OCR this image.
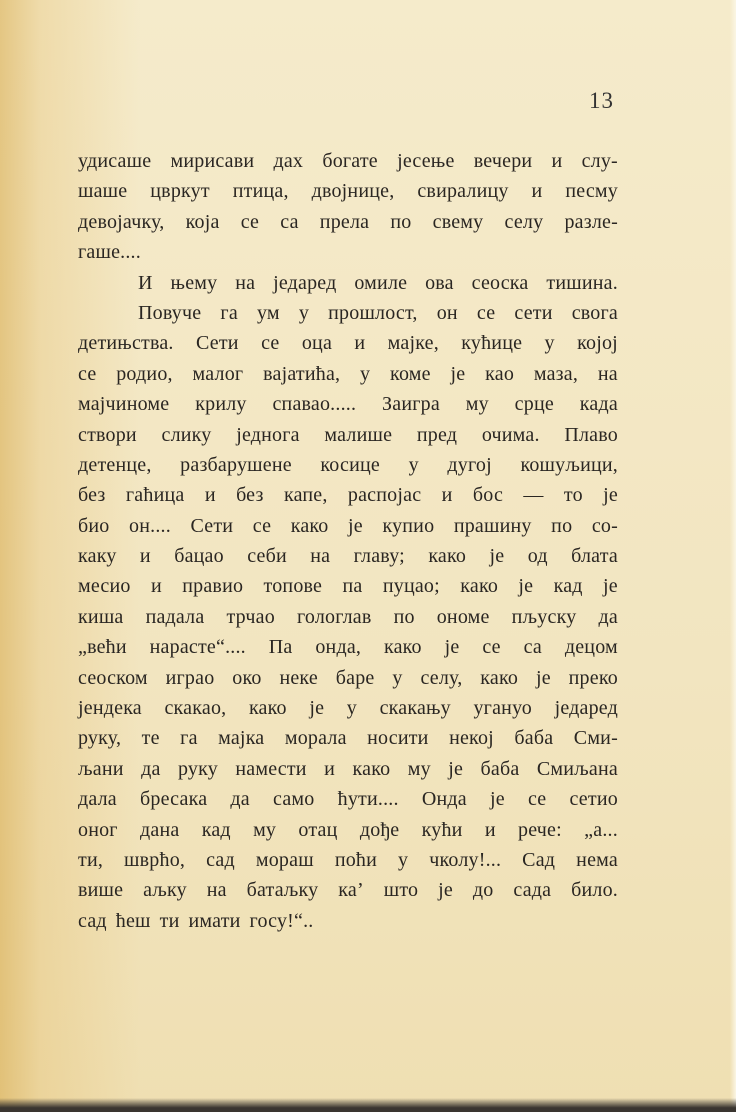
13
удисаше мирисави дах богате јесење вечери и слу-
шаше цвркут птица, двојнице, свиралицу и песму
девојачку, која се са прела по свему селу разле-
гаше....
И њему на једаред омиле ова сеоска тишина.
Повуче га ум у прошлост, он се сети свога
детињства. Сети се оца и мајке, кућице у којој
се родио, малог вајатића, у коме је као маза, на
мајчиноме крилу спавао..... Заигра му срце када
створи слику једнога малише пред очима. Плаво
детенце, разбарушене косице у дугој кошуљици,
без гаћица и без капе, распојас и бос — то је
био он.... Сети се како је купио прашину по со-
каку и бацао себи на главу; како је од блата
месио и правио топове па пуцао; како је кад је
киша падала трчао гологлав по ономе пљуску да
„већи нарасте“.... Па онда, како је се са децом
сеоском играо око неке баре у селу, како је преко
јендека скакао, како је у скакању угануо једаред
руку, те га мајка морала носити некој баба Сми-
љани да руку намести и како му је баба Смиљана
дала бресака да само ћути.... Онда је се сетио
оног дана кад му отац дође кући и рече: „а...
ти, шврћо, сад мораш поћи у чколу!... Сад нема
више аљку на батаљку ка’ што је до сада било.
сад ћеш ти имати госу!“..
